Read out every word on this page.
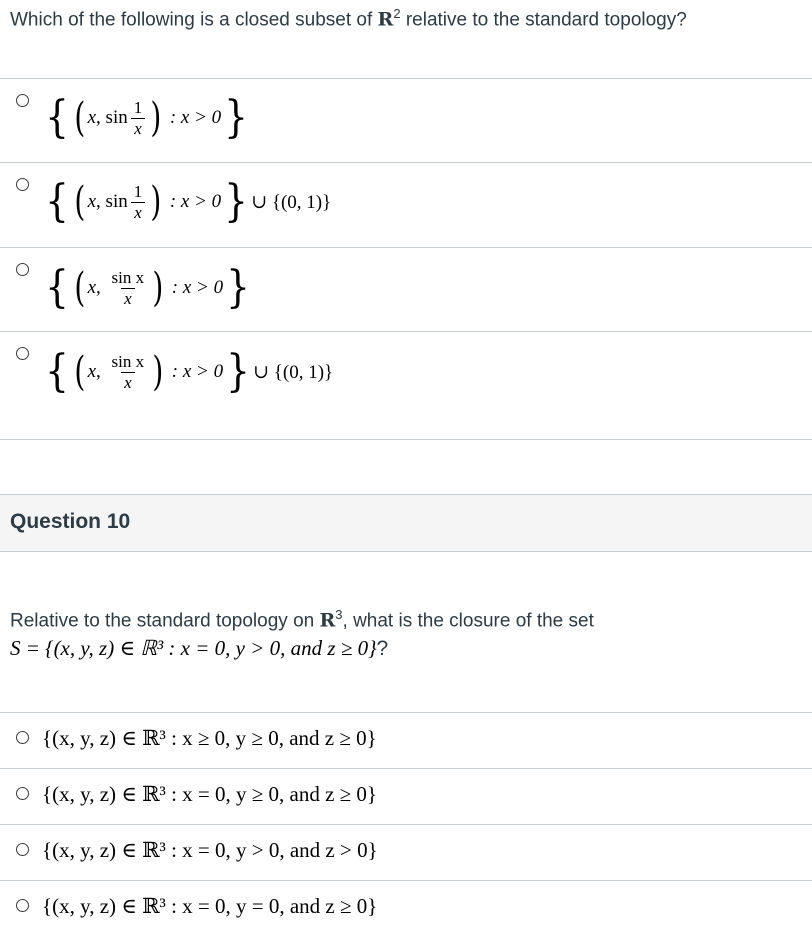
Which of the following is a closed subset of $R^2$ relative to the standard topology?
{ ( x , $\sin \frac{1}{x}$ ) : x > 0 }
{ ( x , $\sin \frac{1}{x}$ ) : x > 0 } ∪ {(0, 1)}
{ ( x , $\frac{\text{sin x}}{x}$ ) : x > 0 }
{ ( x , $\frac{\text{sin x}}{x}$ ) : x > 0 } ∪ {(0, 1)}
Question 10
Relative to the standard topology on $R^3$, what is the closure of the set
S = {(x, y, z) ∈ ℝ³ : x = 0, y > 0, and z ≥ 0}?
{(x, y, z) ∈ ℝ³ : x ≥ 0, y ≥ 0, and z ≥ 0}
{(x, y, z) ∈ ℝ³ : x = 0, y ≥ 0, and z ≥ 0}
{(x, y, z) ∈ ℝ³ : x = 0, y > 0, and z > 0}
{(x, y, z) ∈ ℝ³ : x = 0, y = 0, and z ≥ 0}
